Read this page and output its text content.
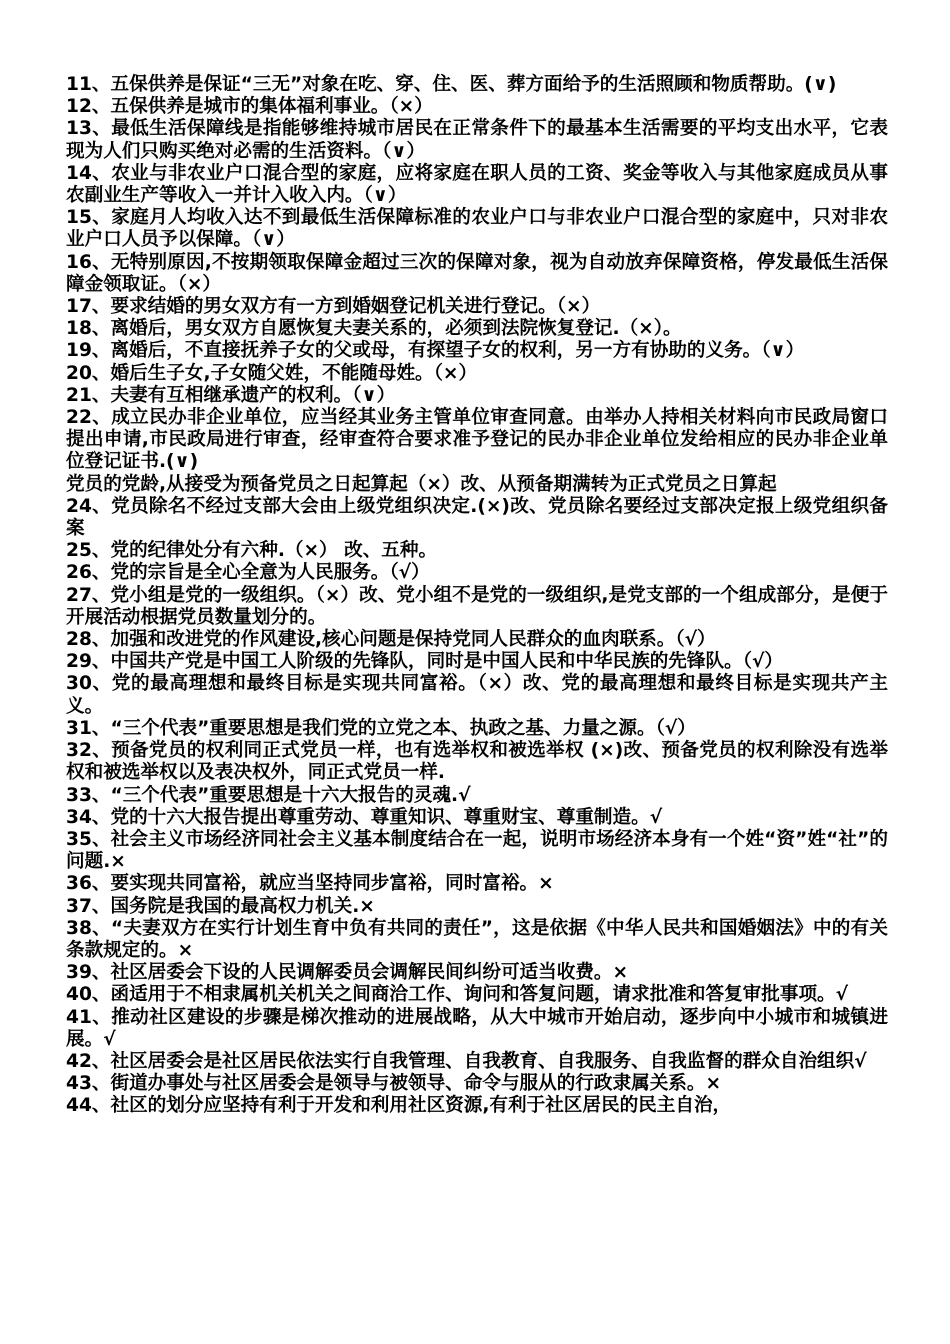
11、五保供养是保证“三无”对象在吃、穿、住、医、葬方面给予的生活照顾和物质帮助。(∨)

12、五保供养是城市的集体福利事业。（×）

13、最低生活保障线是指能够维持城市居民在正常条件下的最基本生活需要的平均支出水平，它表现为人们只购买绝对必需的生活资料。（∨）

14、农业与非农业户口混合型的家庭，应将家庭在职人员的工资、奖金等收入与其他家庭成员从事农副业生产等收入一并计入收入内。（∨）

15、家庭月人均收入达不到最低生活保障标准的农业户口与非农业户口混合型的家庭中，只对非农业户口人员予以保障。（∨）

16、无特别原因,不按期领取保障金超过三次的保障对象，视为自动放弃保障资格，停发最低生活保障金领取证。（×）

17、要求结婚的男女双方有一方到婚姻登记机关进行登记。（×）

18、离婚后，男女双方自愿恢复夫妻关系的，必须到法院恢复登记.（×）。

19、离婚后，不直接抚养子女的父或母，有探望子女的权利，另一方有协助的义务。（∨）

20、婚后生子女,子女随父姓，不能随母姓。（×）

21、夫妻有互相继承遗产的权利。（∨）

22、成立民办非企业单位，应当经其业务主管单位审查同意。由举办人持相关材料向市民政局窗口提出申请,市民政局进行审查，经审查符合要求准予登记的民办非企业单位发给相应的民办非企业单位登记证书.(∨)

党员的党龄,从接受为预备党员之日起算起（×）改、从预备期满转为正式党员之日算起

24、党员除名不经过支部大会由上级党组织决定.(×)改、党员除名要经过支部决定报上级党组织备案

25、党的纪律处分有六种.（×） 改、五种。

26、党的宗旨是全心全意为人民服务。（√）

27、党小组是党的一级组织。（×）改、党小组不是党的一级组织,是党支部的一个组成部分，是便于开展活动根据党员数量划分的。

28、加强和改进党的作风建设,核心问题是保持党同人民群众的血肉联系。（√）

29、中国共产党是中国工人阶级的先锋队，同时是中国人民和中华民族的先锋队。（√）

30、党的最高理想和最终目标是实现共同富裕。（×）改、党的最高理想和最终目标是实现共产主义。

31、“三个代表”重要思想是我们党的立党之本、执政之基、力量之源。（√）

32、预备党员的权利同正式党员一样，也有选举权和被选举权 (×)改、预备党员的权利除没有选举权和被选举权以及表决权外，同正式党员一样.

33、“三个代表”重要思想是十六大报告的灵魂.√

34、党的十六大报告提出尊重劳动、尊重知识、尊重财宝、尊重制造。√

35、社会主义市场经济同社会主义基本制度结合在一起，说明市场经济本身有一个姓“资”姓“社”的问题.×

36、要实现共同富裕，就应当坚持同步富裕，同时富裕。×

37、国务院是我国的最高权力机关.×

38、“夫妻双方在实行计划生育中负有共同的责任”，这是依据《中华人民共和国婚姻法》中的有关条款规定的。×

39、社区居委会下设的人民调解委员会调解民间纠纷可适当收费。×

40、函适用于不相隶属机关机关之间商洽工作、询问和答复问题，请求批准和答复审批事项。√

41、推动社区建设的步骤是梯次推动的进展战略，从大中城市开始启动，逐步向中小城市和城镇进展。√

42、社区居委会是社区居民依法实行自我管理、自我教育、自我服务、自我监督的群众自治组织√

43、街道办事处与社区居委会是领导与被领导、命令与服从的行政隶属关系。×

44、社区的划分应坚持有利于开发和利用社区资源,有利于社区居民的民主自治，
